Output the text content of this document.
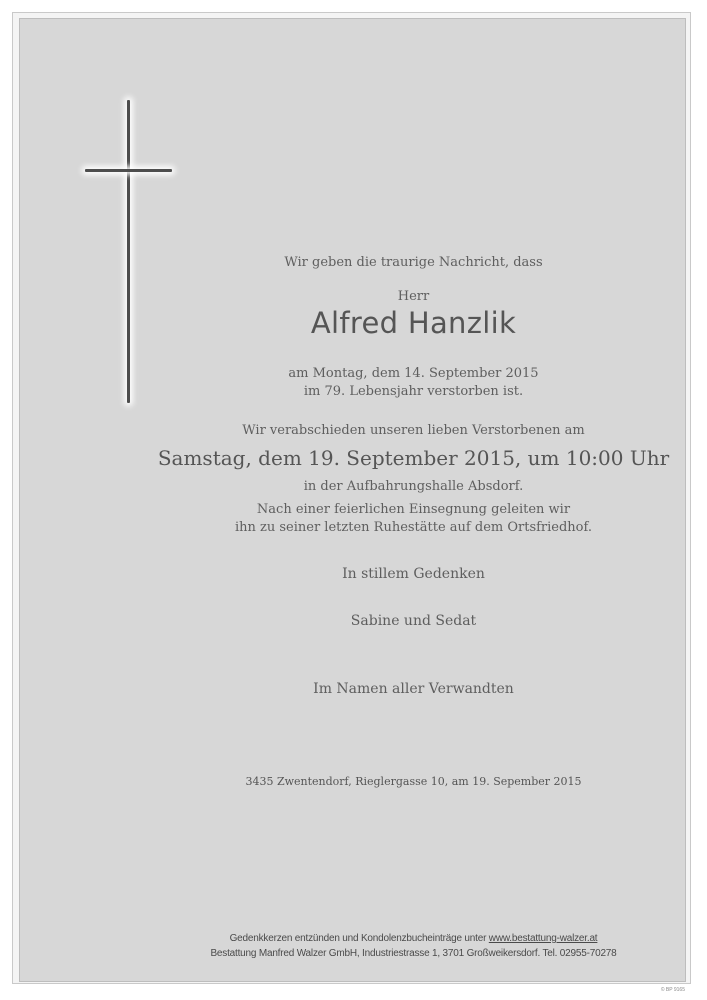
Wir geben die traurige Nachricht, dass
Herr
Alfred Hanzlik
am Montag, dem 14. September 2015
im 79. Lebensjahr verstorben ist.
Wir verabschieden unseren lieben Verstorbenen am
Samstag, dem 19. September 2015, um 10:00 Uhr
in der Aufbahrungshalle Absdorf.
Nach einer feierlichen Einsegnung geleiten wir
ihn zu seiner letzten Ruhestätte auf dem Ortsfriedhof.
In stillem Gedenken
Sabine und Sedat
Im Namen aller Verwandten
3435 Zwentendorf, Rieglergasse 10, am 19. Sepember 2015
Gedenkkerzen entzünden und Kondolenzbucheinträge unter www.bestattung-walzer.at
Bestattung Manfred Walzer GmbH, Industriestrasse 1, 3701 Großweikersdorf. Tel. 02955-70278
© BP 9165
